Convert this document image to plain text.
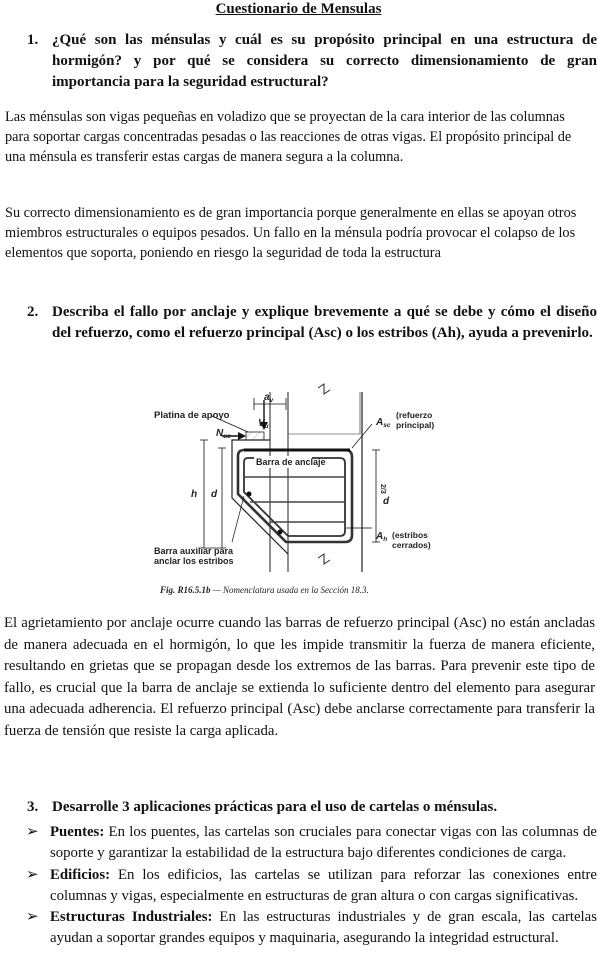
Cuestionario de Mensulas
1. ¿Qué son las ménsulas y cuál es su propósito principal en una estructura de hormigón? y por qué se considera su correcto dimensionamiento de gran importancia para la seguridad estructural?
Las ménsulas son vigas pequeñas en voladizo que se proyectan de la cara interior de las columnas para soportar cargas concentradas pesadas o las reacciones de otras vigas. El propósito principal de una ménsula es transferir estas cargas de manera segura a la columna.
Su correcto dimensionamiento es de gran importancia porque generalmente en ellas se apoyan otros miembros estructurales o equipos pesados. Un fallo en la ménsula podría provocar el colapso de los elementos que soporta, poniendo en riesgo la seguridad de toda la estructura
2. Describa el fallo por anclaje y explique brevemente a qué se debe y cómo el diseño del refuerzo, como el refuerzo principal (Asc) o los estribos (Ah), ayuda a prevenirlo.
Platina de apoyo
$N_{uc}$
$V_u$
$a_v$
Barra de anclaje
$A_{sc}$
(refuerzo
principal)
2/3
d
h d
$A_h$ (estribos
cerrados)
Barra auxiliar para
anclar los estribos
Fig. R16.5.1b — Nomenclatura usada en la Sección 18.3.
El agrietamiento por anclaje ocurre cuando las barras de refuerzo principal (Asc) no están ancladas de manera adecuada en el hormigón, lo que les impide transmitir la fuerza de manera eficiente, resultando en grietas que se propagan desde los extremos de las barras. Para prevenir este tipo de fallo, es crucial que la barra de anclaje se extienda lo suficiente dentro del elemento para asegurar una adecuada adherencia. El refuerzo principal (Asc) debe anclarse correctamente para transferir la fuerza de tensión que resiste la carga aplicada.
3. Desarrolle 3 aplicaciones prácticas para el uso de cartelas o ménsulas.

➢ Puentes: En los puentes, las cartelas son cruciales para conectar vigas con las columnas de soporte y garantizar la estabilidad de la estructura bajo diferentes condiciones de carga.

➢ Edificios: En los edificios, las cartelas se utilizan para reforzar las conexiones entre columnas y vigas, especialmente en estructuras de gran altura o con cargas significativas.

➢ Estructuras Industriales: En las estructuras industriales y de gran escala, las cartelas ayudan a soportar grandes equipos y maquinaria, asegurando la integridad estructural.
